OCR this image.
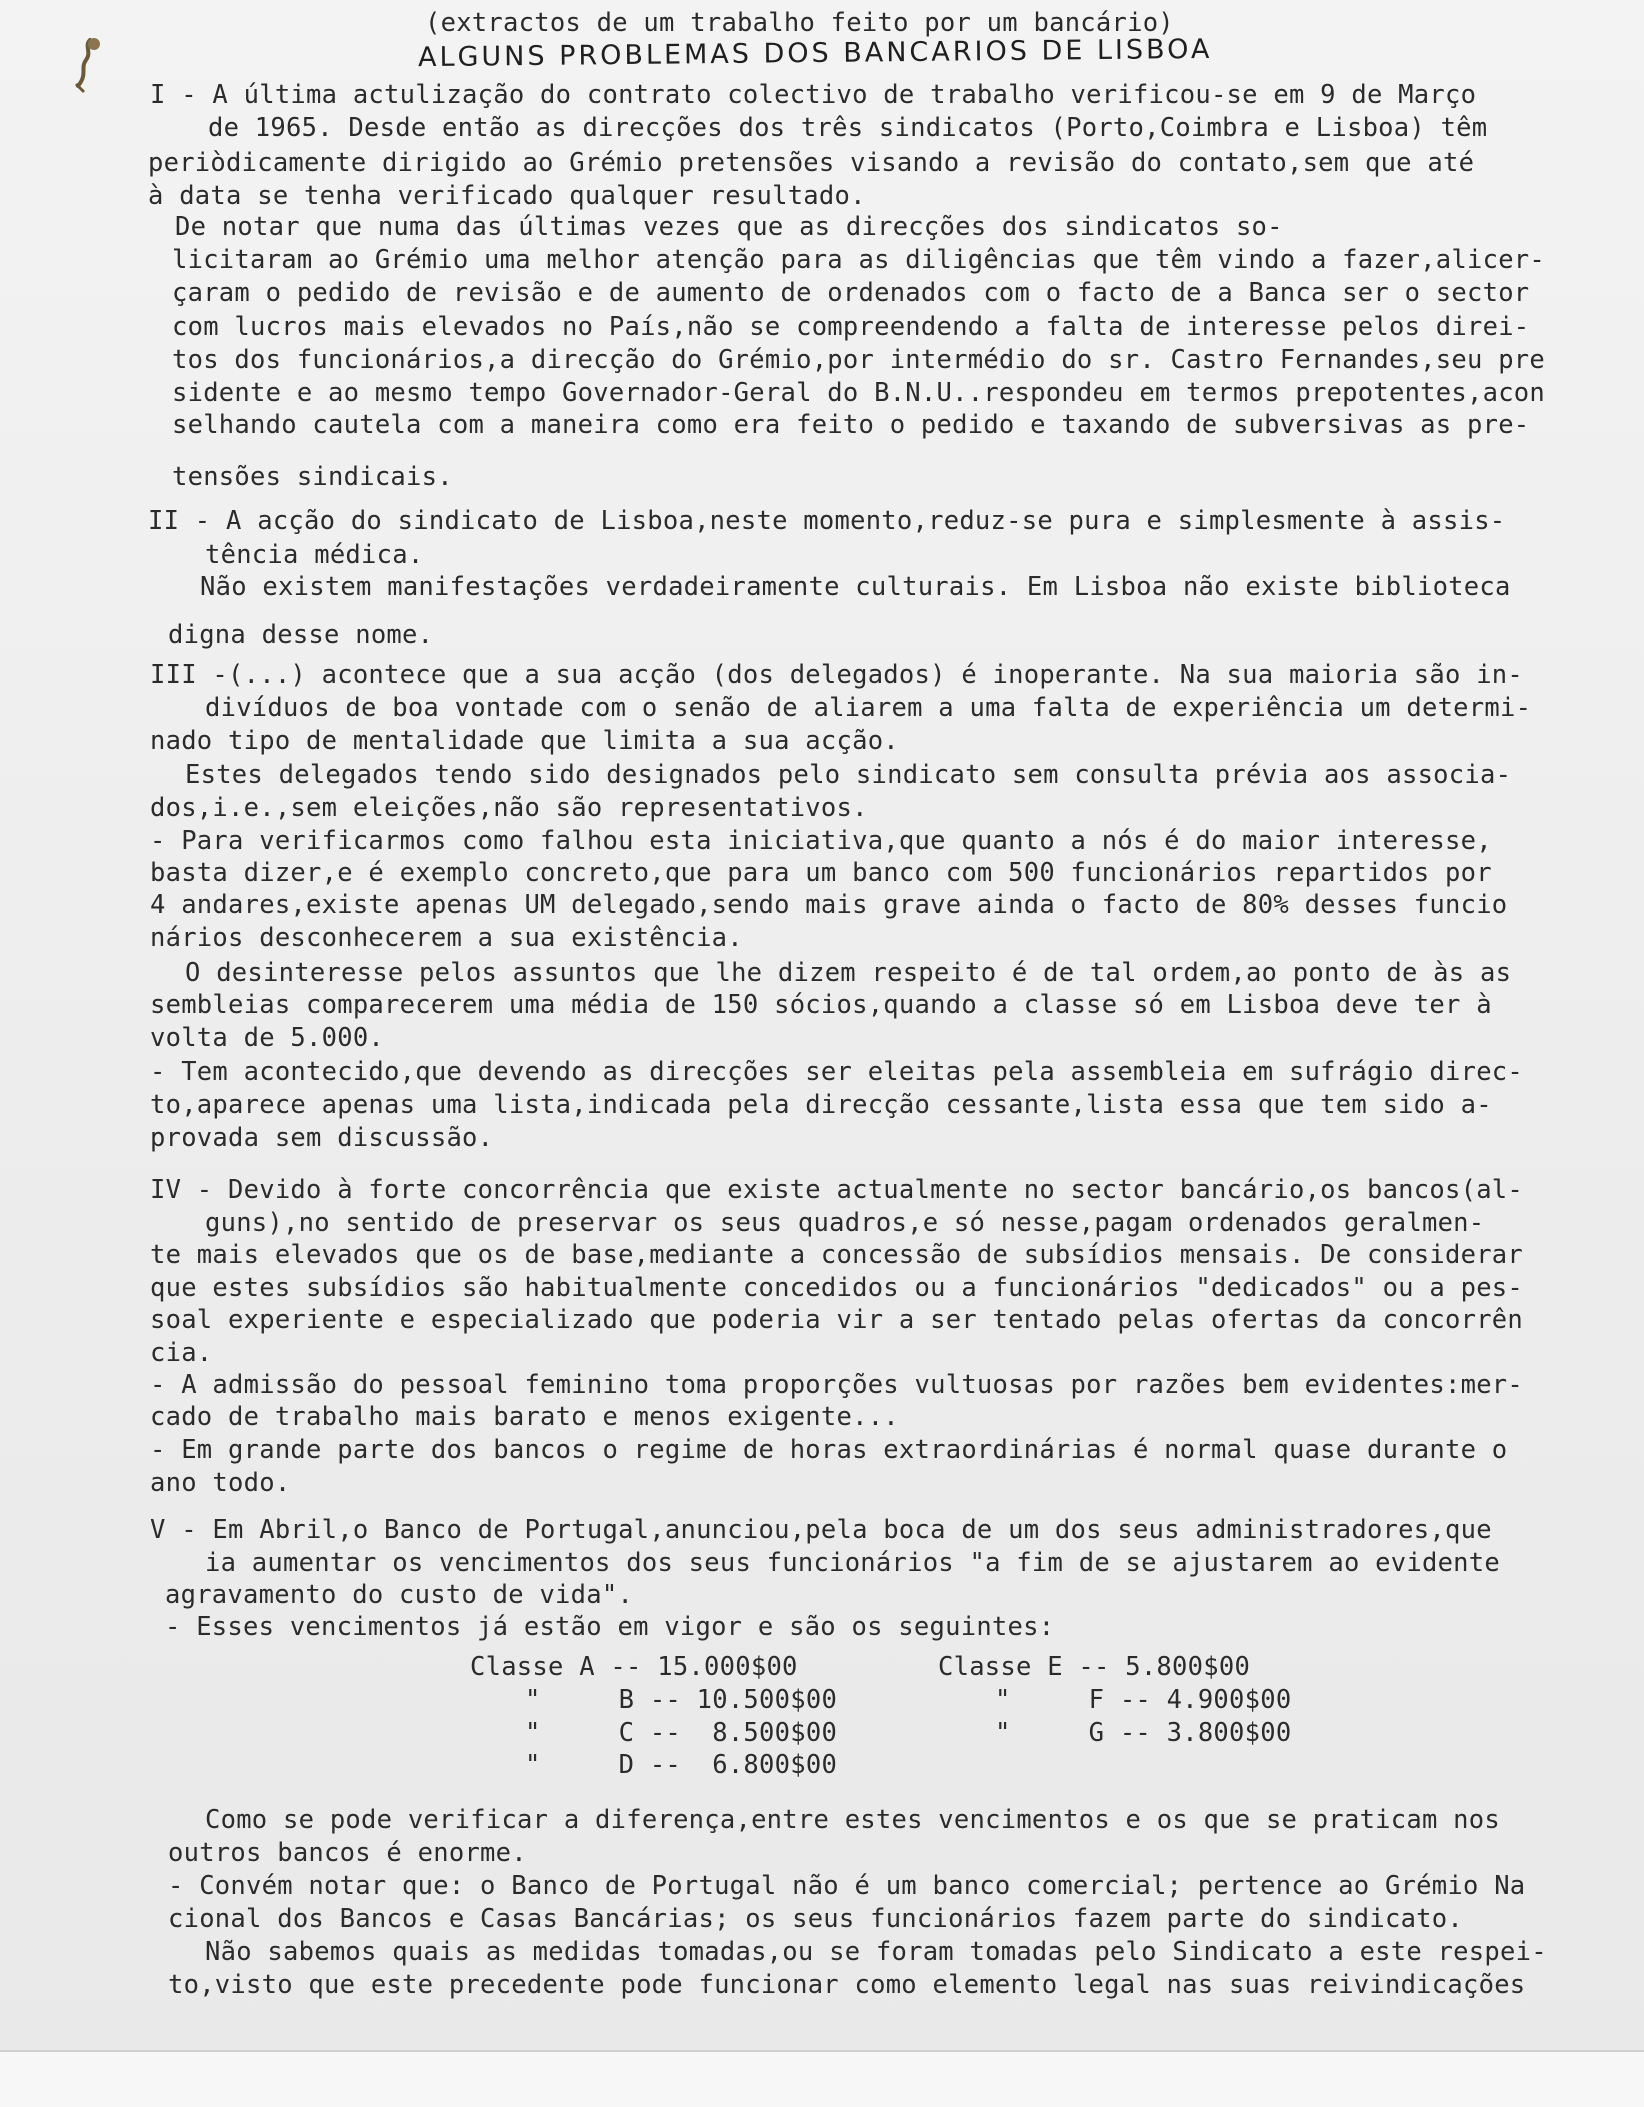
(extractos de um trabalho feito por um bancário)
ALGUNS PROBLEMAS DOS BANCARIOS DE LISBOA
I - A última actulização do contrato colectivo de trabalho verificou-se em 9 de Março
de 1965. Desde então as direcções dos três sindicatos (Porto,Coimbra e Lisboa) têm
periòdicamente dirigido ao Grémio pretensões visando a revisão do contato,sem que até
à data se tenha verificado qualquer resultado.
De notar que numa das últimas vezes que as direcções dos sindicatos so-
licitaram ao Grémio uma melhor atenção para as diligências que têm vindo a fazer,alicer-
çaram o pedido de revisão e de aumento de ordenados com o facto de a Banca ser o sector
com lucros mais elevados no País,não se compreendendo a falta de interesse pelos direi-
tos dos funcionários,a direcção do Grémio,por intermédio do sr. Castro Fernandes,seu pre
sidente e ao mesmo tempo Governador-Geral do B.N.U..respondeu em termos prepotentes,acon
selhando cautela com a maneira como era feito o pedido e taxando de subversivas as pre-
tensões sindicais.
II - A acção do sindicato de Lisboa,neste momento,reduz-se pura e simplesmente à assis-
tência médica.
Não existem manifestações verdadeiramente culturais. Em Lisboa não existe biblioteca
digna desse nome.
III -(...) acontece que a sua acção (dos delegados) é inoperante. Na sua maioria são in-
divíduos de boa vontade com o senão de aliarem a uma falta de experiência um determi-
nado tipo de mentalidade que limita a sua acção.
Estes delegados tendo sido designados pelo sindicato sem consulta prévia aos associa-
dos,i.e.,sem eleições,não são representativos.
- Para verificarmos como falhou esta iniciativa,que quanto a nós é do maior interesse,
basta dizer,e é exemplo concreto,que para um banco com 500 funcionários repartidos por
4 andares,existe apenas UM delegado,sendo mais grave ainda o facto de 80% desses funcio
nários desconhecerem a sua existência.
O desinteresse pelos assuntos que lhe dizem respeito é de tal ordem,ao ponto de às as
sembleias comparecerem uma média de 150 sócios,quando a classe só em Lisboa deve ter à
volta de 5.000.
- Tem acontecido,que devendo as direcções ser eleitas pela assembleia em sufrágio direc-
to,aparece apenas uma lista,indicada pela direcção cessante,lista essa que tem sido a-
provada sem discussão.
IV - Devido à forte concorrência que existe actualmente no sector bancário,os bancos(al-
guns),no sentido de preservar os seus quadros,e só nesse,pagam ordenados geralmen-
te mais elevados que os de base,mediante a concessão de subsídios mensais. De considerar
que estes subsídios são habitualmente concedidos ou a funcionários "dedicados" ou a pes-
soal experiente e especializado que poderia vir a ser tentado pelas ofertas da concorrên
cia.
- A admissão do pessoal feminino toma proporções vultuosas por razões bem evidentes:mer-
cado de trabalho mais barato e menos exigente...
- Em grande parte dos bancos o regime de horas extraordinárias é normal quase durante o
ano todo.
V - Em Abril,o Banco de Portugal,anunciou,pela boca de um dos seus administradores,que
ia aumentar os vencimentos dos seus funcionários "a fim de se ajustarem ao evidente
agravamento do custo de vida".
- Esses vencimentos já estão em vigor e são os seguintes:
Classe A -- 15.000$00
"     B -- 10.500$00
"     C --  8.500$00
"     D --  6.800$00
Classe E -- 5.800$00
"     F -- 4.900$00
"     G -- 3.800$00
Como se pode verificar a diferença,entre estes vencimentos e os que se praticam nos
outros bancos é enorme.
- Convém notar que: o Banco de Portugal não é um banco comercial; pertence ao Grémio Na
cional dos Bancos e Casas Bancárias; os seus funcionários fazem parte do sindicato.
Não sabemos quais as medidas tomadas,ou se foram tomadas pelo Sindicato a este respei-
to,visto que este precedente pode funcionar como elemento legal nas suas reivindicações
